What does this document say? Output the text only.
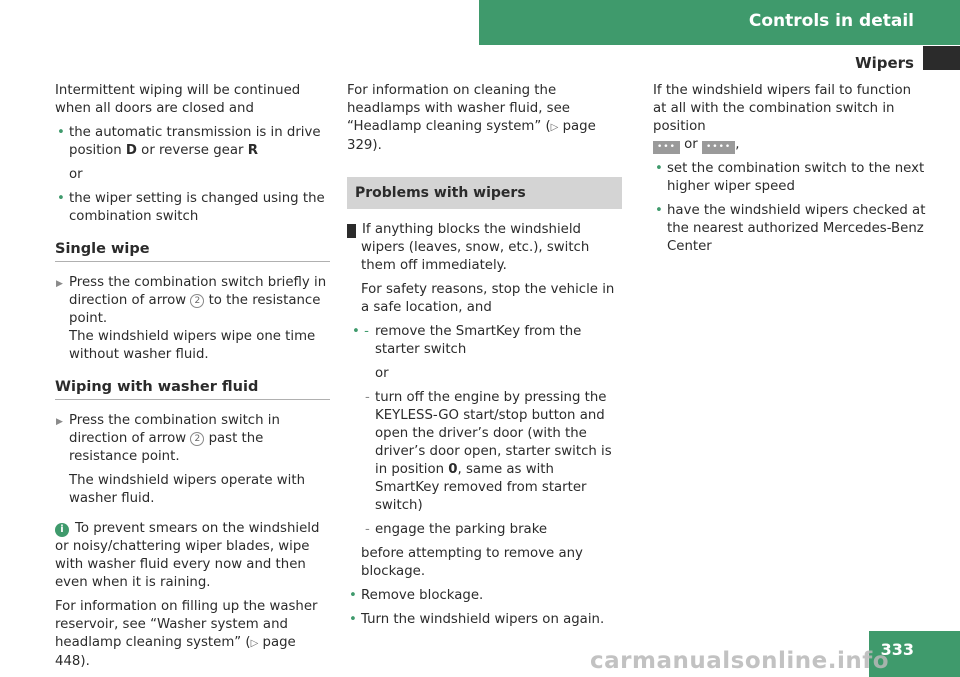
Controls in detail
Wipers

Intermittent wiping will be continued when all doors are closed and

• the automatic transmission is in drive position D or reverse gear R

or

• the wiper setting is changed using the combination switch
Single wipe
▶ Press the combination switch briefly in direction of arrow 2 to the resistance point.
The windshield wipers wipe one time without washer fluid.
Wiping with washer fluid
▶ Press the combination switch in direction of arrow 2 past the resistance point.

The windshield wipers operate with washer fluid.

i To prevent smears on the windshield or noisy/chattering wiper blades, wipe with washer fluid every now and then even when it is raining.

For information on filling up the washer reservoir, see “Washer system and headlamp cleaning system” (▷ page 448).

For information on cleaning the headlamps with washer fluid, see “Headlamp cleaning system” (▷ page 329).

Problems with wipers

! If anything blocks the windshield wipers (leaves, snow, etc.), switch them off immediately.

For safety reasons, stop the vehicle in a safe location, and

• - remove the SmartKey from the starter switch

or

- turn off the engine by pressing the KEYLESS-GO start/stop button and open the driver’s door (with the driver’s door open, starter switch is in position 0, same as with SmartKey removed from starter switch)
- engage the parking brake

before attempting to remove any blockage.

• Remove blockage.
• Turn the windshield wipers on again.

If the windshield wipers fail to function at all with the combination switch in position
••• or •••• ,

• set the combination switch to the next higher wiper speed
• have the windshield wipers checked at the nearest authorized Mercedes-Benz Center
333
carmanualsonline.info
